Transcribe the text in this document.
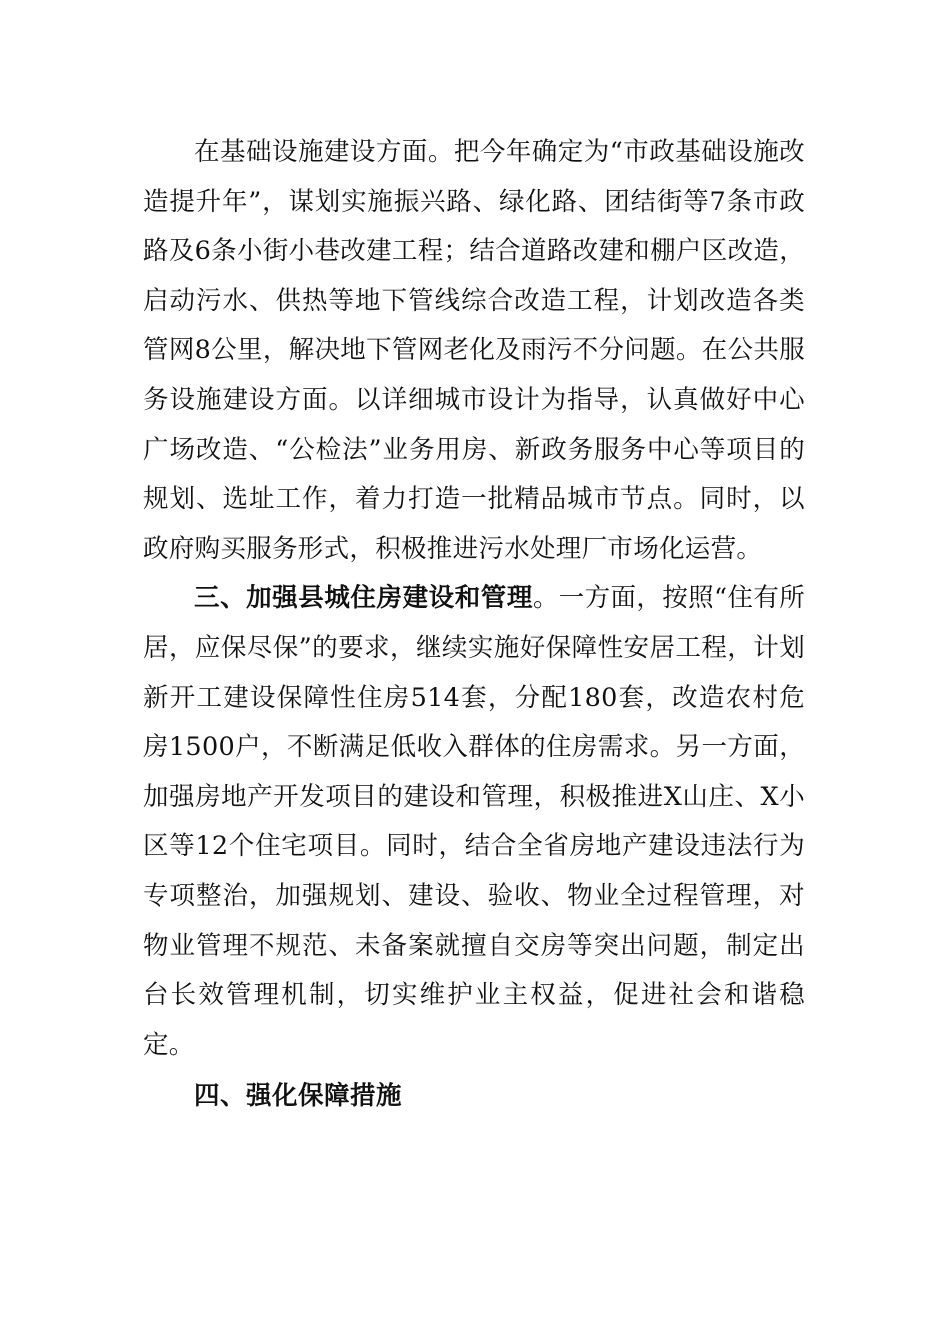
在基础设施建设方面。把今年确定为“市政基础设施改造提升年”，谋划实施振兴路、绿化路、团结街等7条市政路及6条小街小巷改建工程；结合道路改建和棚户区改造，启动污水、供热等地下管线综合改造工程，计划改造各类管网8公里，解决地下管网老化及雨污不分问题。在公共服务设施建设方面。以详细城市设计为指导，认真做好中心广场改造、“公检法”业务用房、新政务服务中心等项目的规划、选址工作，着力打造一批精品城市节点。同时，以政府购买服务形式，积极推进污水处理厂市场化运营。

三、加强县城住房建设和管理。一方面，按照“住有所居，应保尽保”的要求，继续实施好保障性安居工程，计划新开工建设保障性住房514套，分配180套，改造农村危房1500户，不断满足低收入群体的住房需求。另一方面，加强房地产开发项目的建设和管理，积极推进X山庄、X小区等12个住宅项目。同时，结合全省房地产建设违法行为专项整治，加强规划、建设、验收、物业全过程管理，对物业管理不规范、未备案就擅自交房等突出问题，制定出台长效管理机制，切实维护业主权益，促进社会和谐稳定。

四、强化保障措施
